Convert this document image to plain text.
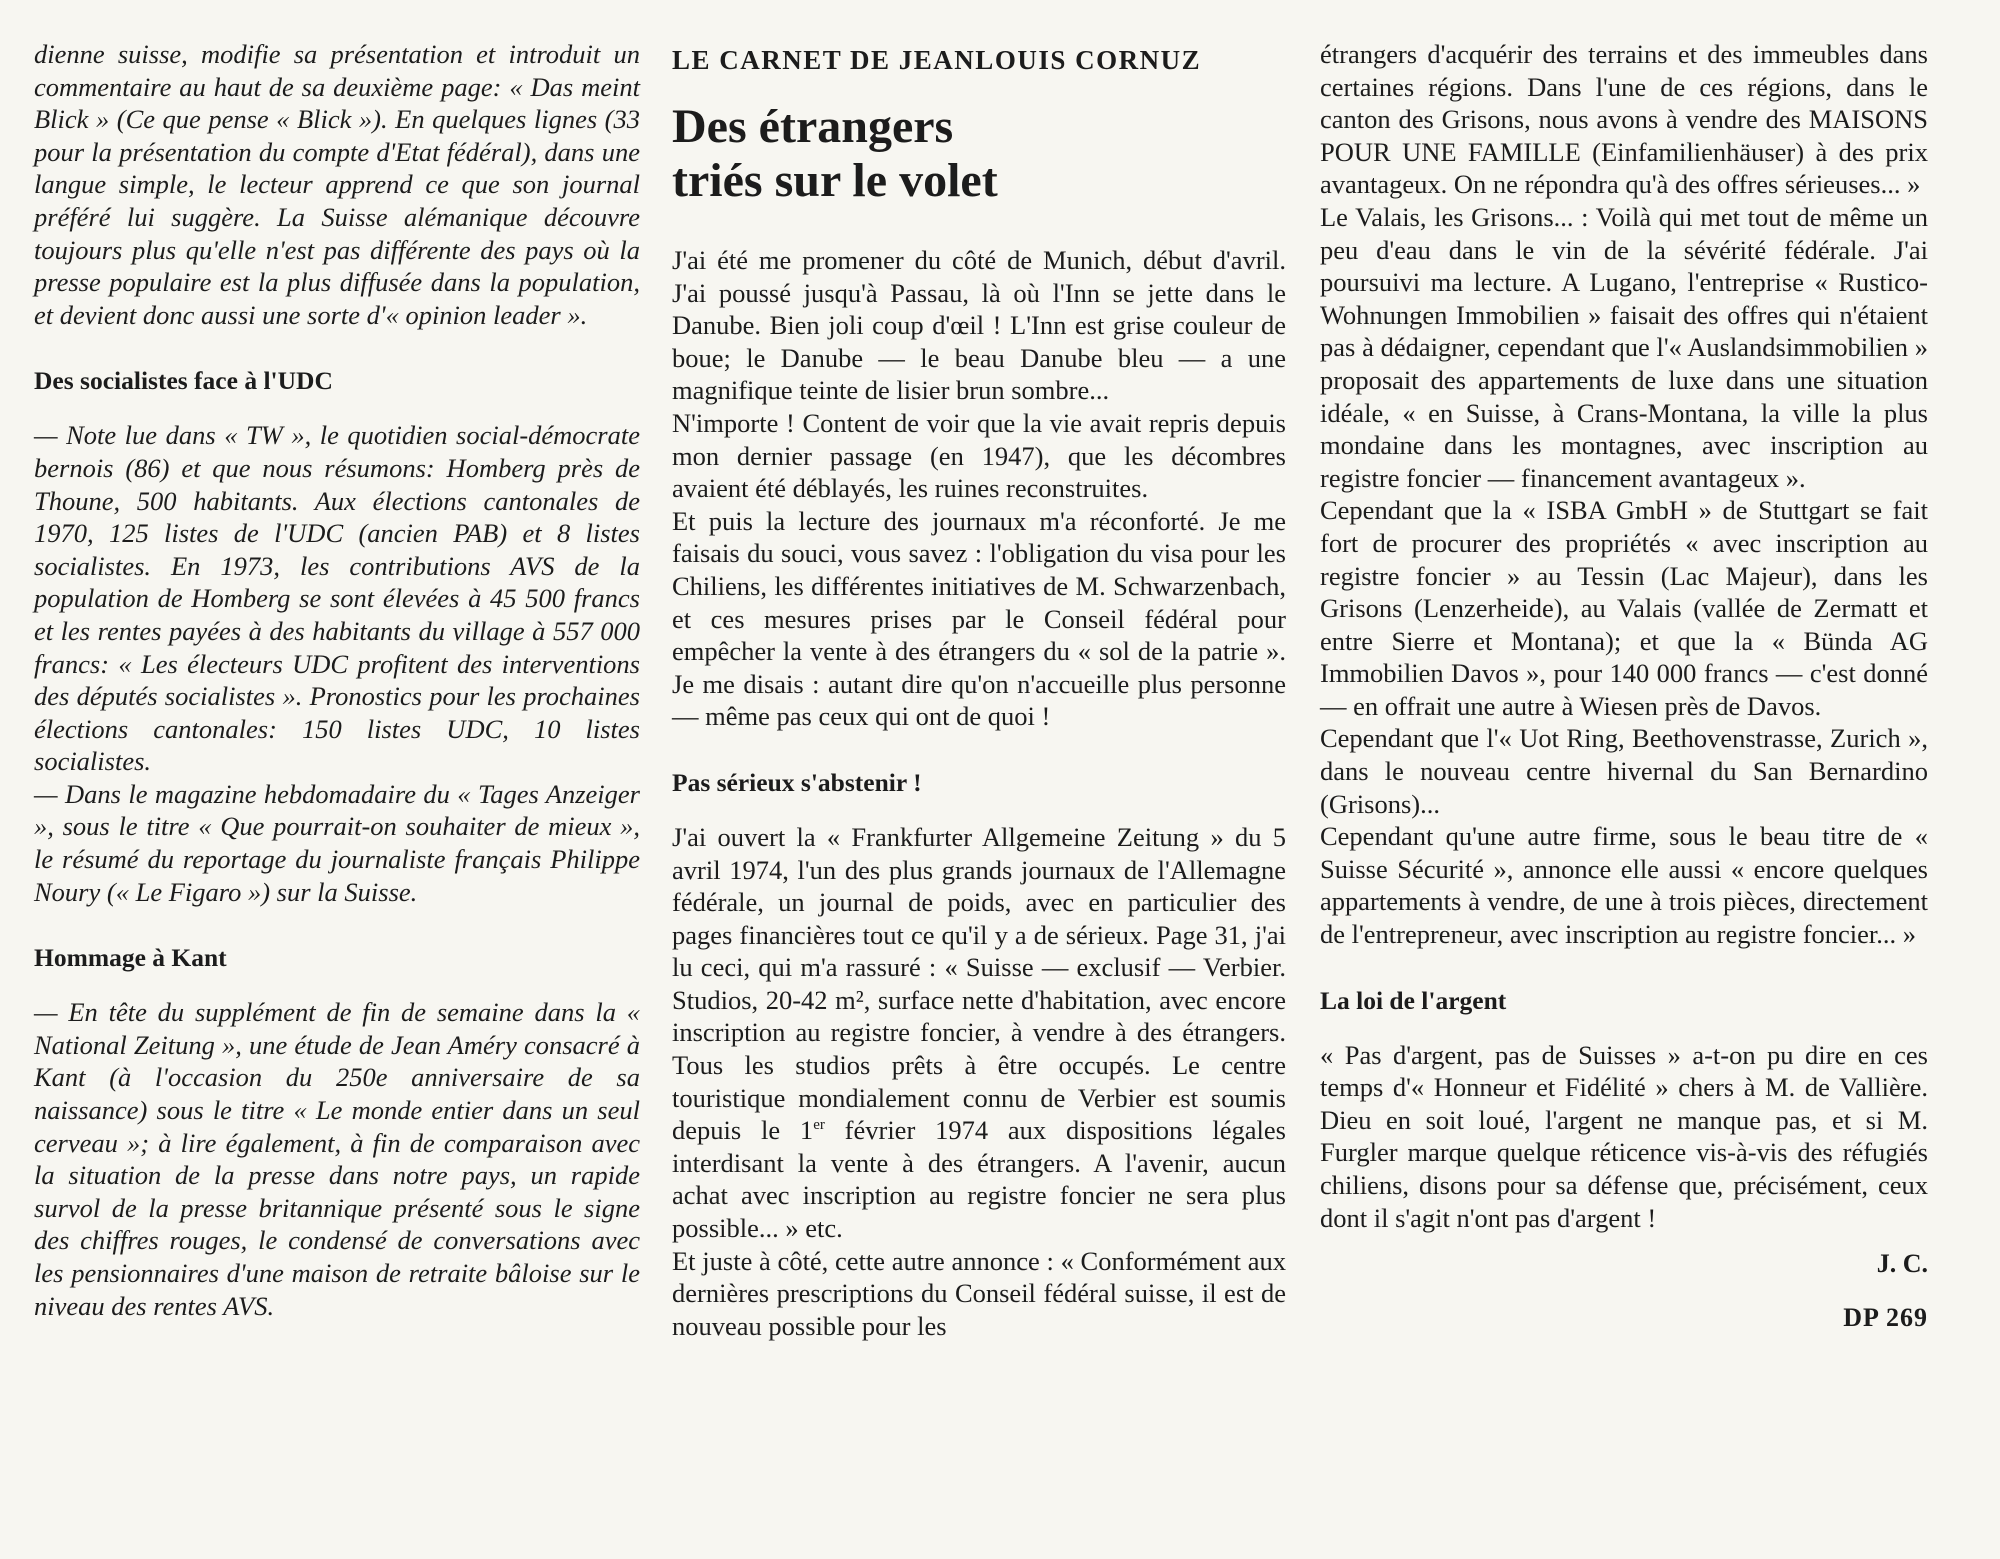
dienne suisse, modifie sa présentation et introduit un commentaire au haut de sa deuxième page: « Das meint Blick » (Ce que pense « Blick »). En quelques lignes (33 pour la présentation du compte d'Etat fédéral), dans une langue simple, le lecteur apprend ce que son journal préféré lui suggère. La Suisse alémanique découvre toujours plus qu'elle n'est pas différente des pays où la presse populaire est la plus diffusée dans la population, et devient donc aussi une sorte d'« opinion leader ».

Des socialistes face à l'UDC

— Note lue dans « TW », le quotidien social-démocrate bernois (86) et que nous résumons: Homberg près de Thoune, 500 habitants. Aux élections cantonales de 1970, 125 listes de l'UDC (ancien PAB) et 8 listes socialistes. En 1973, les contributions AVS de la population de Homberg se sont élevées à 45 500 francs et les rentes payées à des habitants du village à 557 000 francs: « Les électeurs UDC profitent des interventions des députés socialistes ». Pronostics pour les prochaines élections cantonales: 150 listes UDC, 10 listes socialistes.

— Dans le magazine hebdomadaire du « Tages Anzeiger », sous le titre « Que pourrait-on souhaiter de mieux », le résumé du reportage du journaliste français Philippe Noury (« Le Figaro ») sur la Suisse.

Hommage à Kant

— En tête du supplément de fin de semaine dans la « National Zeitung », une étude de Jean Améry consacré à Kant (à l'occasion du 250e anniversaire de sa naissance) sous le titre « Le monde entier dans un seul cerveau »; à lire également, à fin de comparaison avec la situation de la presse dans notre pays, un rapide survol de la presse britannique présenté sous le signe des chiffres rouges, le condensé de conversations avec les pensionnaires d'une maison de retraite bâloise sur le niveau des rentes AVS.

LE CARNET DE JEANLOUIS CORNUZ
Des étrangers
triés sur le volet

J'ai été me promener du côté de Munich, début d'avril. J'ai poussé jusqu'à Passau, là où l'Inn se jette dans le Danube. Bien joli coup d'œil ! L'Inn est grise couleur de boue; le Danube — le beau Danube bleu — a une magnifique teinte de lisier brun sombre...

N'importe ! Content de voir que la vie avait repris depuis mon dernier passage (en 1947), que les décombres avaient été déblayés, les ruines reconstruites.

Et puis la lecture des journaux m'a réconforté. Je me faisais du souci, vous savez : l'obligation du visa pour les Chiliens, les différentes initiatives de M. Schwarzenbach, et ces mesures prises par le Conseil fédéral pour empêcher la vente à des étrangers du « sol de la patrie ». Je me disais : autant dire qu'on n'accueille plus personne — même pas ceux qui ont de quoi !

Pas sérieux s'abstenir !

J'ai ouvert la « Frankfurter Allgemeine Zeitung » du 5 avril 1974, l'un des plus grands journaux de l'Allemagne fédérale, un journal de poids, avec en particulier des pages financières tout ce qu'il y a de sérieux. Page 31, j'ai lu ceci, qui m'a rassuré : « Suisse — exclusif — Verbier. Studios, 20-42 m², surface nette d'habitation, avec encore inscription au registre foncier, à vendre à des étrangers. Tous les studios prêts à être occupés. Le centre touristique mondialement connu de Verbier est soumis depuis le 1er février 1974 aux dispositions légales interdisant la vente à des étrangers. A l'avenir, aucun achat avec inscription au registre foncier ne sera plus possible... » etc.

Et juste à côté, cette autre annonce : « Conformément aux dernières prescriptions du Conseil fédéral suisse, il est de nouveau possible pour les

étrangers d'acquérir des terrains et des immeubles dans certaines régions. Dans l'une de ces régions, dans le canton des Grisons, nous avons à vendre des MAISONS POUR UNE FAMILLE (Einfamilienhäuser) à des prix avantageux. On ne répondra qu'à des offres sérieuses... »

Le Valais, les Grisons... : Voilà qui met tout de même un peu d'eau dans le vin de la sévérité fédérale. J'ai poursuivi ma lecture. A Lugano, l'entreprise « Rustico-Wohnungen Immobilien » faisait des offres qui n'étaient pas à dédaigner, cependant que l'« Auslandsimmobilien » proposait des appartements de luxe dans une situation idéale, « en Suisse, à Crans-Montana, la ville la plus mondaine dans les montagnes, avec inscription au registre foncier — financement avantageux ».

Cependant que la « ISBA GmbH » de Stuttgart se fait fort de procurer des propriétés « avec inscription au registre foncier » au Tessin (Lac Majeur), dans les Grisons (Lenzerheide), au Valais (vallée de Zermatt et entre Sierre et Montana); et que la « Bünda AG Immobilien Davos », pour 140 000 francs — c'est donné — en offrait une autre à Wiesen près de Davos.

Cependant que l'« Uot Ring, Beethovenstrasse, Zurich », dans le nouveau centre hivernal du San Bernardino (Grisons)...

Cependant qu'une autre firme, sous le beau titre de « Suisse Sécurité », annonce elle aussi « encore quelques appartements à vendre, de une à trois pièces, directement de l'entrepreneur, avec inscription au registre foncier... »

La loi de l'argent

« Pas d'argent, pas de Suisses » a-t-on pu dire en ces temps d'« Honneur et Fidélité » chers à M. de Vallière. Dieu en soit loué, l'argent ne manque pas, et si M. Furgler marque quelque réticence vis-à-vis des réfugiés chiliens, disons pour sa défense que, précisément, ceux dont il s'agit n'ont pas d'argent !

J. C.
DP 269
